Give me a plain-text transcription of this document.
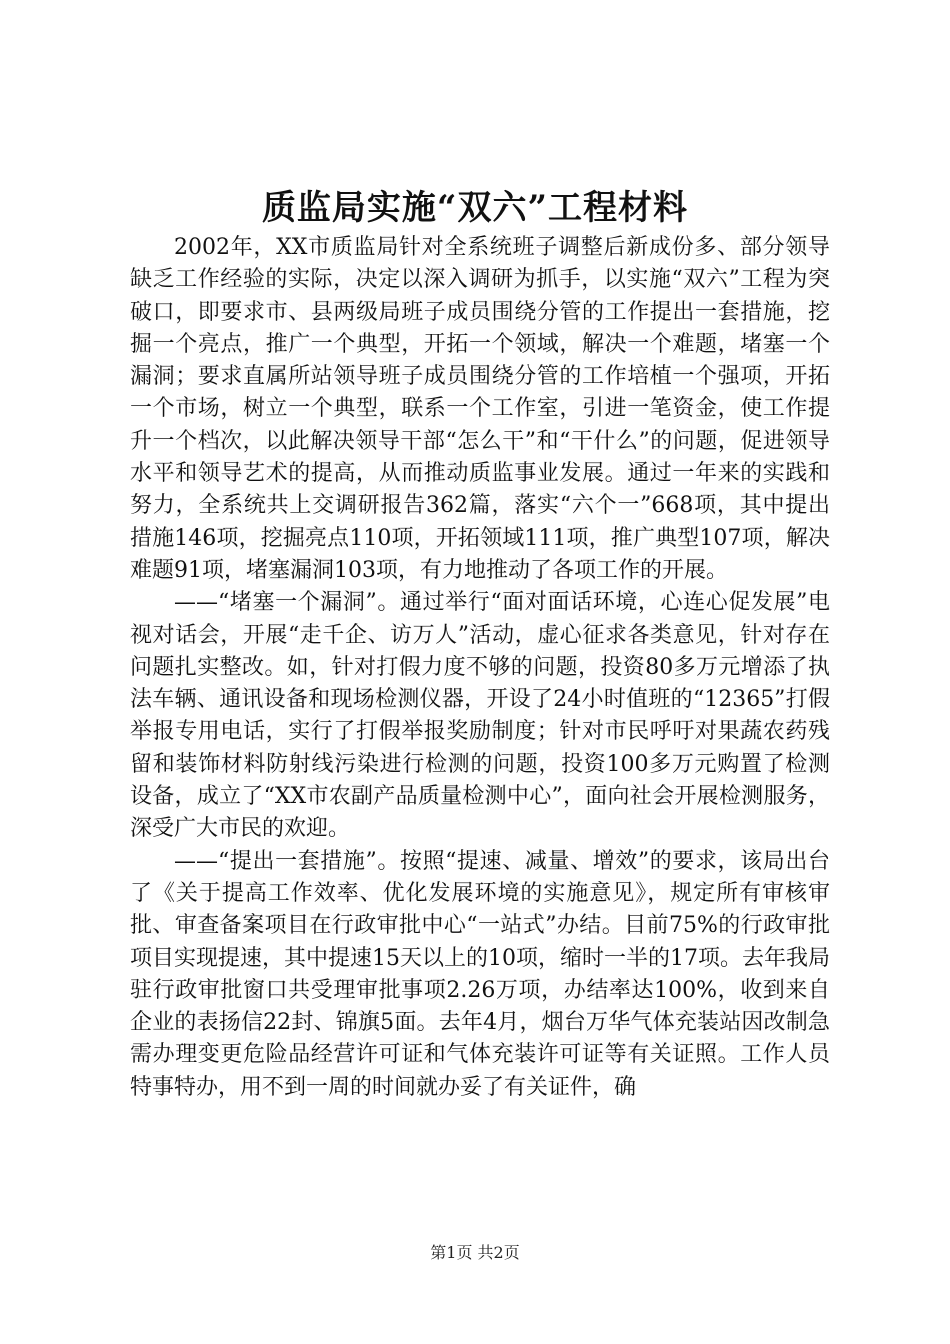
质监局实施“双六”工程材料

2002年，XX市质监局针对全系统班子调整后新成份多、部分领导缺乏工作经验的实际，决定以深入调研为抓手，以实施“双六”工程为突破口，即要求市、县两级局班子成员围绕分管的工作提出一套措施，挖掘一个亮点，推广一个典型，开拓一个领域，解决一个难题，堵塞一个漏洞；要求直属所站领导班子成员围绕分管的工作培植一个强项，开拓一个市场，树立一个典型，联系一个工作室，引进一笔资金，使工作提升一个档次，以此解决领导干部“怎么干”和“干什么”的问题，促进领导水平和领导艺术的提高，从而推动质监事业发展。通过一年来的实践和努力，全系统共上交调研报告362篇，落实“六个一”668项，其中提出措施146项，挖掘亮点110项，开拓领域111项，推广典型107项，解决难题91项，堵塞漏洞103项，有力地推动了各项工作的开展。

——“堵塞一个漏洞”。通过举行“面对面话环境，心连心促发展”电视对话会，开展“走千企、访万人”活动，虚心征求各类意见，针对存在问题扎实整改。如，针对打假力度不够的问题，投资80多万元增添了执法车辆、通讯设备和现场检测仪器，开设了24小时值班的“12365”打假举报专用电话，实行了打假举报奖励制度；针对市民呼吁对果蔬农药残留和装饰材料防射线污染进行检测的问题，投资100多万元购置了检测设备，成立了“XX市农副产品质量检测中心”，面向社会开展检测服务，深受广大市民的欢迎。

——“提出一套措施”。按照“提速、减量、增效”的要求，该局出台了《关于提高工作效率、优化发展环境的实施意见》，规定所有审核审批、审查备案项目在行政审批中心“一站式”办结。目前75%的行政审批项目实现提速，其中提速15天以上的10项，缩时一半的17项。去年我局驻行政审批窗口共受理审批事项2.26万项，办结率达100%，收到来自企业的表扬信22封、锦旗5面。去年4月，烟台万华气体充装站因改制急需办理变更危险品经营许可证和气体充装许可证等有关证照。工作人员特事特办，用不到一周的时间就办妥了有关证件，确

第1页 共2页
